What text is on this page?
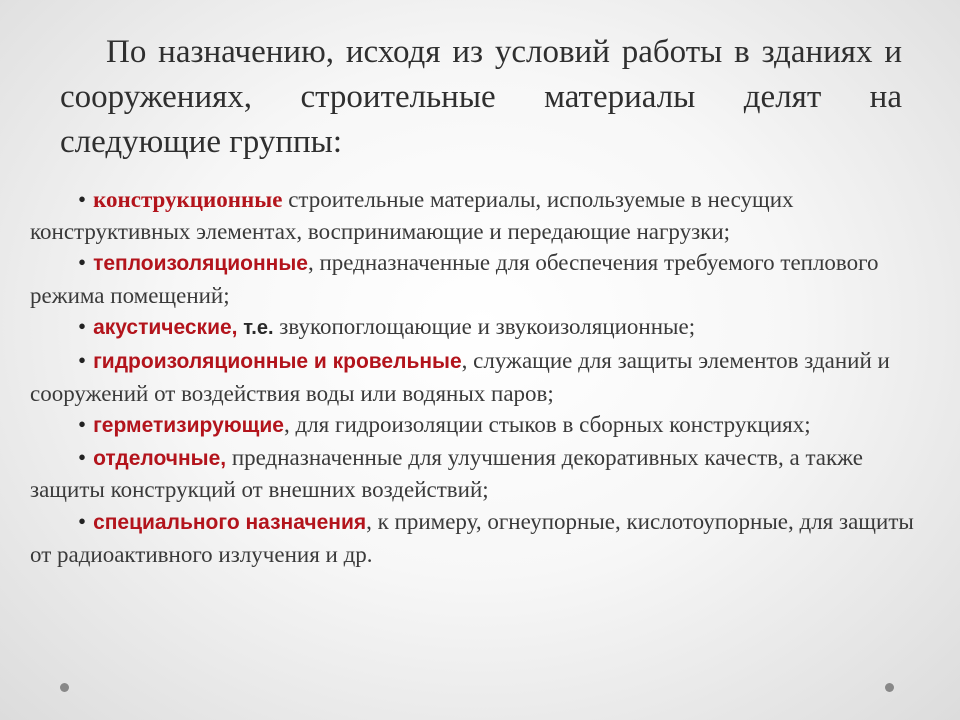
По назначению, исходя из условий работы в зданиях и сооружениях, строительные материалы делят на следующие группы:

• конструкционные строительные материалы, используемые в несущих конструктивных элементах, воспринимающие и передающие нагрузки;

• теплоизоляционные, предназначенные для обеспечения требуемого теплового режима помещений;

• акустические, т.е. звукопоглощающие и звукоизоляционные;

• гидроизоляционные и кровельные, служащие для защиты элементов зданий и сооружений от воздействия воды или водяных паров;

• герметизирующие, для гидроизоляции стыков в сборных конструкциях;

• отделочные, предназначенные для улучшения декоративных качеств, а также защиты конструкций от внешних воздействий;

• специального назначения, к примеру, огнеупорные, кислотоупорные, для защиты от радиоактивного излучения и др.
